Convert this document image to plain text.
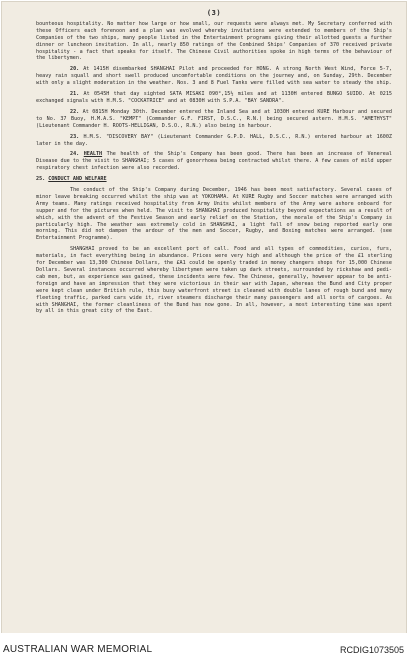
(3)

bounteous hospitality. No matter how large or how small, our requests were always met. My Secretary conferred with these Officers each forenoon and a plan was evolved whereby invitations were extended to members of the Ship's Companies of the two ships, many people listed in the Entertainment programs giving their allotted guests a further dinner or luncheon invitation. In all, nearly 850 ratings of the Combined Ships' Companies of 370 received private hospitality - a fact that speaks for itself. The Chinese Civil authorities spoke in high terms of the behaviour of the libertymen.

20. At 1415H disembarked SHANGHAI Pilot and proceeded for HONG. A strong North West Wind, Force 5-7, heavy rain squall and short swell produced uncomfortable conditions on the journey and, on Sunday, 29th. December with only a slight moderation in the weather. Nos. 3 and 8 Fuel Tanks were filled with sea water to steady the ship.

21. At 0545H that day sighted SATA MISAKI 090°,15½ miles and at 1130H entered BUNGO SUIDO. At 0215 exchanged signals with H.M.S. "COCKATRICE" and at 0830H with S.P.A. "BAY SANDRA".

22. At 0815H Monday 30th. December entered the Inland Sea and at 1030H entered KURE Harbour and secured to No. 37 Buoy, H.M.A.S. "KEMPT" (Commander G.F. FIRST, D.S.C., R.N.) being secured astern. H.M.S. "AMETHYST" (Lieutenant Commander H. ROOTS-HELLIGAN, D.S.O., R.N.) also being in harbour.

23. H.M.S. "DISCOVERY BAY" (Lieutenant Commander G.P.D. HALL, D.S.C., R.N.) entered harbour at 1600Z later in the day.

24. HEALTH The health of the Ship's Company has been good. There has been an increase of Venereal Disease due to the visit to SHANGHAI; 5 cases of gonorrhoea being contracted whilst there. A few cases of mild upper respiratory chest infection were also recorded.

25. CONDUCT AND WELFARE

The conduct of the Ship's Company during December, 1946 has been most satisfactory. Several cases of minor leave breaking occurred whilst the ship was at YOKOHAMA. At KURE Rugby and Soccer matches were arranged with Army teams. Many ratings received hospitality from Army Units whilst members of the Army were ashore onboard for supper and for the pictures when held. The visit to SHANGHAI produced hospitality beyond expectations as a result of which, with the advent of the Festive Season and early relief on the Station, the morale of the Ship's Company is particularly high. The weather was extremely cold in SHANGHAI, a light fall of snow being reported early one morning. This did not dampen the ardour of the men and Soccer, Rugby, and Boxing matches were arranged. (see Entertainment Programme).

SHANGHAI proved to be an excellent port of call. Food and all types of commodities, curios, furs, materials, in fact everything being in abundance. Prices were very high and although the price of the £1 sterling for December was 13,300 Chinese Dollars, the £A1 could be openly traded in money changers shops for 15,000 Chinese Dollars. Several instances occurred whereby libertymen were taken up dark streets, surrounded by rickshaw and pedi-cab men, but, as experience was gained, these incidents were few. The Chinese, generally, however appear to be anti-foreign and have an impression that they were victorious in their war with Japan, whereas the Bund and City proper were kept clean under British rule, this busy waterfront street is cleaned with double lanes of rough bund and many fleeting traffic, parked cars wide it, river steamers discharge their many passengers and all sorts of cargoes. As with SHANGHAI, the former cleanliness of the Bund has now gone. In all, however, a most interesting time was spent by all in this great city of the East.

AUSTRALIAN WAR MEMORIAL	RCDIG1073505
